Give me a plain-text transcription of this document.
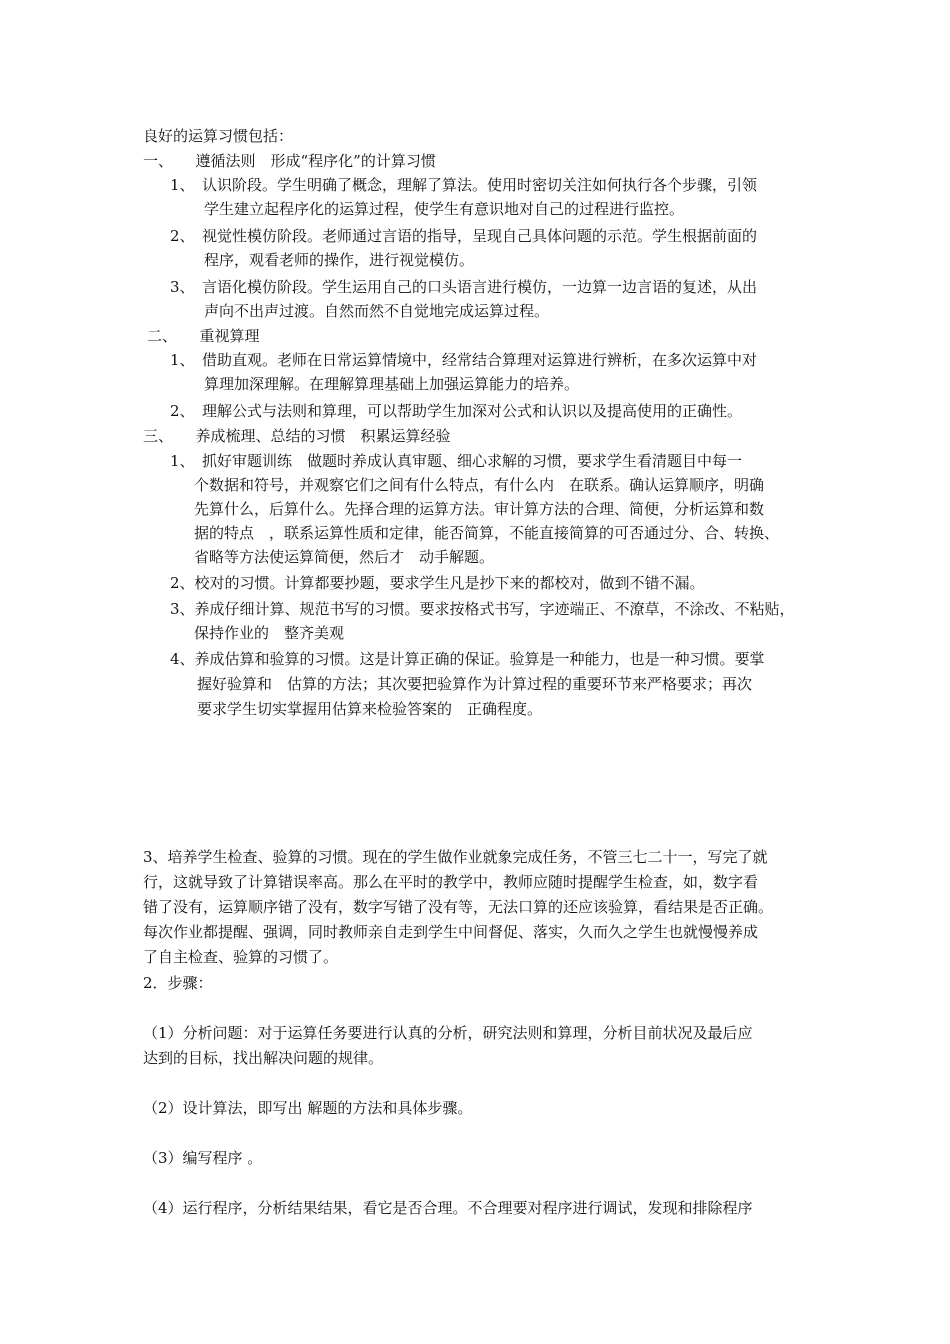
良好的运算习惯包括：
一、　　遵循法则　形成“程序化”的计算习惯
1、　认识阶段。学生明确了概念，理解了算法。使用时密切关注如何执行各个步骤，引领
学生建立起程序化的运算过程，使学生有意识地对自己的过程进行监控。
2、　视觉性模仿阶段。老师通过言语的指导，呈现自己具体问题的示范。学生根据前面的
程序，观看老师的操作，进行视觉模仿。
3、　言语化模仿阶段。学生运用自己的口头语言进行模仿，一边算一边言语的复述，从出
声向不出声过渡。自然而然不自觉地完成运算过程。
二、　　重视算理
1、　借助直观。老师在日常运算情境中，经常结合算理对运算进行辨析，在多次运算中对
算理加深理解。在理解算理基础上加强运算能力的培养。
2、　理解公式与法则和算理，可以帮助学生加深对公式和认识以及提高使用的正确性。
三、　　养成梳理、总结的习惯　积累运算经验
1、　抓好审题训练　做题时养成认真审题、细心求解的习惯，要求学生看清题目中每一
个数据和符号，并观察它们之间有什么特点，有什么内　在联系。确认运算顺序，明确
先算什么，后算什么。先择合理的运算方法。审计算方法的合理、简便，分析运算和数
据的特点　，联系运算性质和定律，能否简算，不能直接简算的可否通过分、合、转换、
省略等方法使运算简便，然后才　动手解题。
2、校对的习惯。计算都要抄题，要求学生凡是抄下来的都校对，做到不错不漏。
3、养成仔细计算、规范书写的习惯。要求按格式书写，字迹端正、不潦草，不涂改、不粘贴，
保持作业的　整齐美观
4、养成估算和验算的习惯。这是计算正确的保证。验算是一种能力，也是一种习惯。要掌
握好验算和　估算的方法；其次要把验算作为计算过程的重要环节来严格要求；再次
要求学生切实掌握用估算来检验答案的　正确程度。
3、培养学生检查、验算的习惯。现在的学生做作业就象完成任务，不管三七二十一，写完了就
行，这就导致了计算错误率高。那么在平时的教学中，教师应随时提醒学生检查，如，数字看
错了没有，运算顺序错了没有，数字写错了没有等，无法口算的还应该验算，看结果是否正确。
每次作业都提醒、强调，同时教师亲自走到学生中间督促、落实，久而久之学生也就慢慢养成
了自主检查、验算的习惯了。
2．步骤：
（1）分析问题：对于运算任务要进行认真的分析，研究法则和算理，分析目前状况及最后应
达到的目标，找出解决问题的规律。
（2）设计算法，即写出 解题的方法和具体步骤。
（3）编写程序 。
（4）运行程序，分析结果结果，看它是否合理。不合理要对程序进行调试，发现和排除程序
